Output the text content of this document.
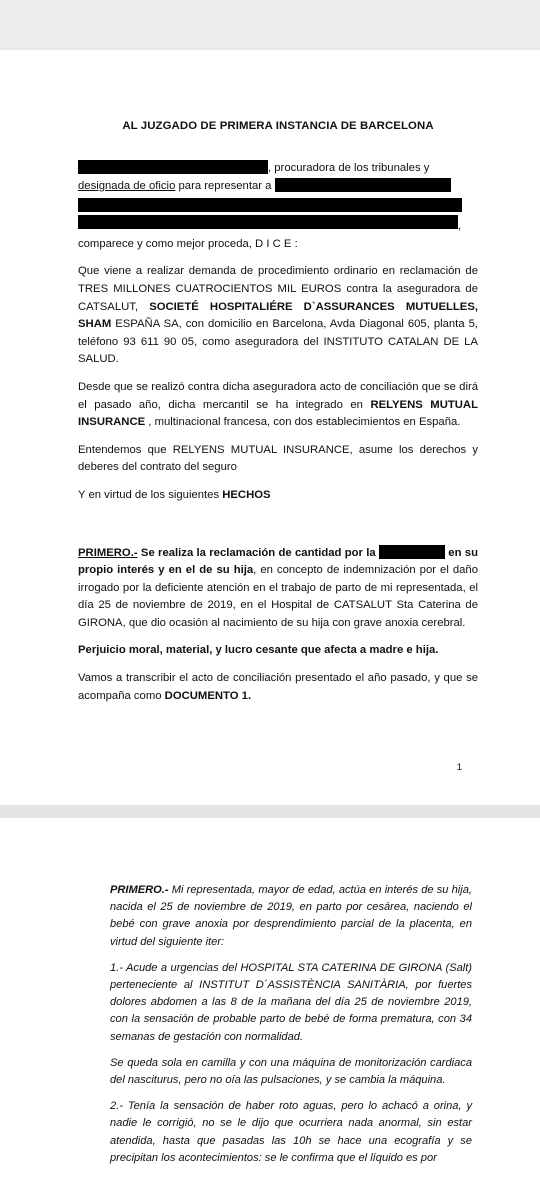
AL JUZGADO DE PRIMERA INSTANCIA DE BARCELONA

, procuradora de los tribunales y
designada de oficio para representar a
,
comparece y como mejor proceda, D I C E :

Que viene a realizar demanda de procedimiento ordinario en reclamación de TRES MILLONES CUATROCIENTOS MIL EUROS contra la aseguradora de CATSALUT, SOCIETÉ HOSPITALIÉRE D`ASSURANCES MUTUELLES, SHAM ESPAÑA SA, con domicilio en Barcelona, Avda Diagonal 605, planta 5, teléfono 93 611 90 05, como aseguradora del INSTITUTO CATALAN DE LA SALUD.

Desde que se realizó contra dicha aseguradora acto de conciliación que se dirá el pasado año, dicha mercantil se ha integrado en RELYENS MUTUAL INSURANCE , multinacional francesa, con dos establecimientos en España.

Entendemos que RELYENS MUTUAL INSURANCE, asume los derechos y deberes del contrato del seguro

Y en virtud de los siguientes HECHOS

PRIMERO.- Se realiza la reclamación de cantidad por la	en su propio interés y en el de su hija, en concepto de indemnización por el daño irrogado por la deficiente atención en el trabajo de parto de mi representada, el día 25 de noviembre de 2019, en el Hospital de CATSALUT Sta Caterina de GIRONA, que dio ocasión al nacimiento de su hija con grave anoxia cerebral.

Perjuicio moral, material, y lucro cesante que afecta a madre e hija.

Vamos a transcribir el acto de conciliación presentado el año pasado, y que se acompaña como DOCUMENTO 1.

1

PRIMERO.- Mi representada, mayor de edad, actúa en interés de su hija, nacida el 25 de noviembre de 2019, en parto por cesárea, naciendo el bebé con grave anoxia por desprendimiento parcial de la placenta, en virtud del siguiente iter:

1.- Acude a urgencias del HOSPITAL STA CATERINA DE GIRONA (Salt) perteneciente al INSTITUT D´ASSISTÈNCIA SANITÀRIA, por fuertes dolores abdomen a las 8 de la mañana del día 25 de noviembre 2019, con la sensación de probable parto de bebé de forma prematura, con 34 semanas de gestación con normalidad.

Se queda sola en camilla y con una máquina de monitorización cardiaca del nasciturus, pero no oía las pulsaciones, y se cambia la máquina.

2.- Tenía la sensación de haber roto aguas, pero lo achacó a orina, y nadie le corrigió, no se le dijo que ocurriera nada anormal, sin estar atendida, hasta que pasadas las 10h se hace una ecografía y se precipitan los acontecimientos: se le confirma que el líquido es por
